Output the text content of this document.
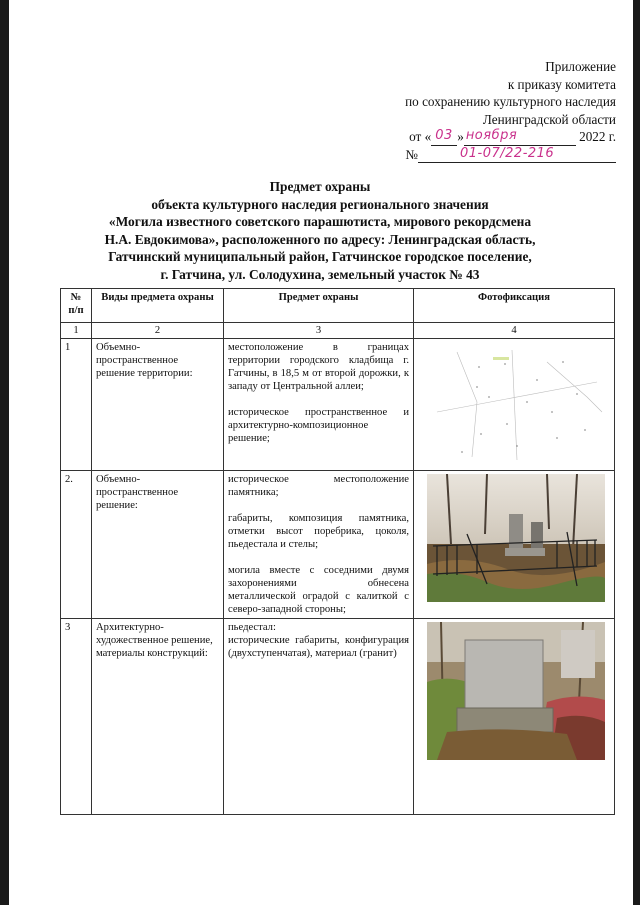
Приложение
к приказу комитета
по сохранению культурного наследия
Ленинградской области
от « 03 » ноября	2022 г.
№	01-07/22-216
Предмет охраны
объекта культурного наследия регионального значения
«Могила известного советского парашютиста, мирового рекордсмена
Н.А. Евдокимова», расположенного по адресу: Ленинградская область,
Гатчинский муниципальный район, Гатчинское городское поселение,
г. Гатчина, ул. Солодухина, земельный участок № 43
№ п/п	Виды предмета охраны	Предмет охраны	Фотофиксация
1	2	3	4
1	Объемно-пространственное решение территории:	местоположение в границах территории городского кладбища г. Гатчины, в 18,5 м от второй дорожки, к западу от Центральной аллеи;
историческое пространственное и архитектурно-композиционное решение;

2.	Объемно-пространственное решение:	историческое местоположение памятника;
габариты, композиция памятника, отметки высот поребрика, цоколя, пьедестала и стелы;
могила вместе с соседними двумя захоронениями обнесена металлической оградой с калиткой с северо-западной стороны;

3	Архитектурно-художественное решение, материалы конструкций:	пьедестал:
исторические габариты, конфигурация (двухступенчатая), материал (гранит)
